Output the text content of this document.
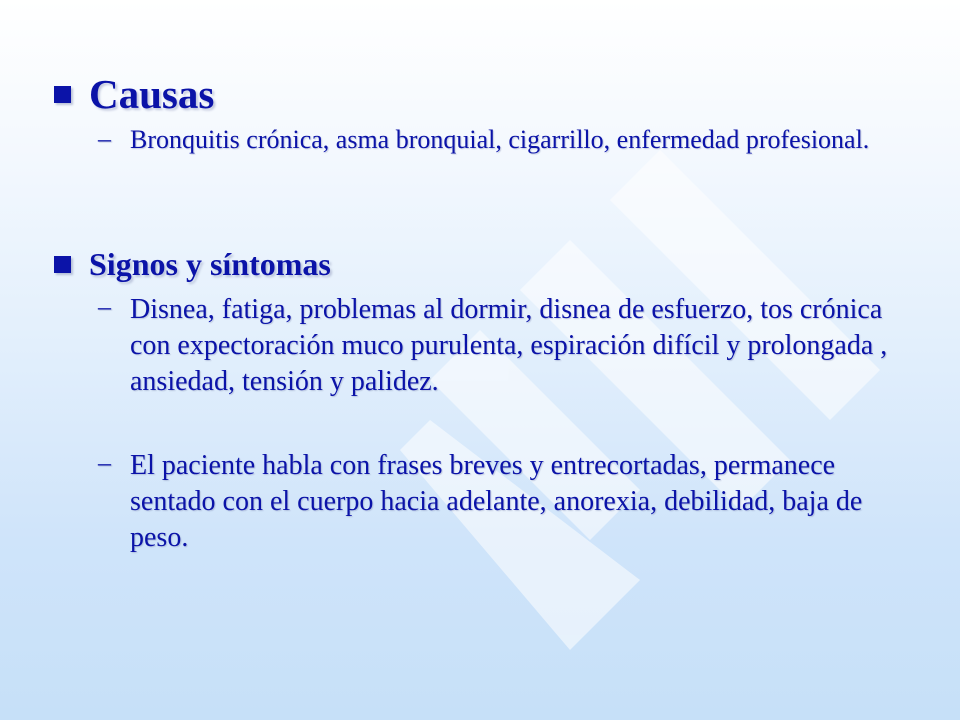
Causas
– Bronquitis crónica, asma bronquial, cigarrillo, enfermedad profesional.
Signos y síntomas
– Disnea, fatiga, problemas al dormir, disnea de esfuerzo, tos crónica con expectoración muco purulenta, espiración difícil y prolongada , ansiedad, tensión y palidez.
– El paciente habla con frases breves y entrecortadas, permanece sentado con el cuerpo hacia adelante, anorexia, debilidad, baja de peso.
